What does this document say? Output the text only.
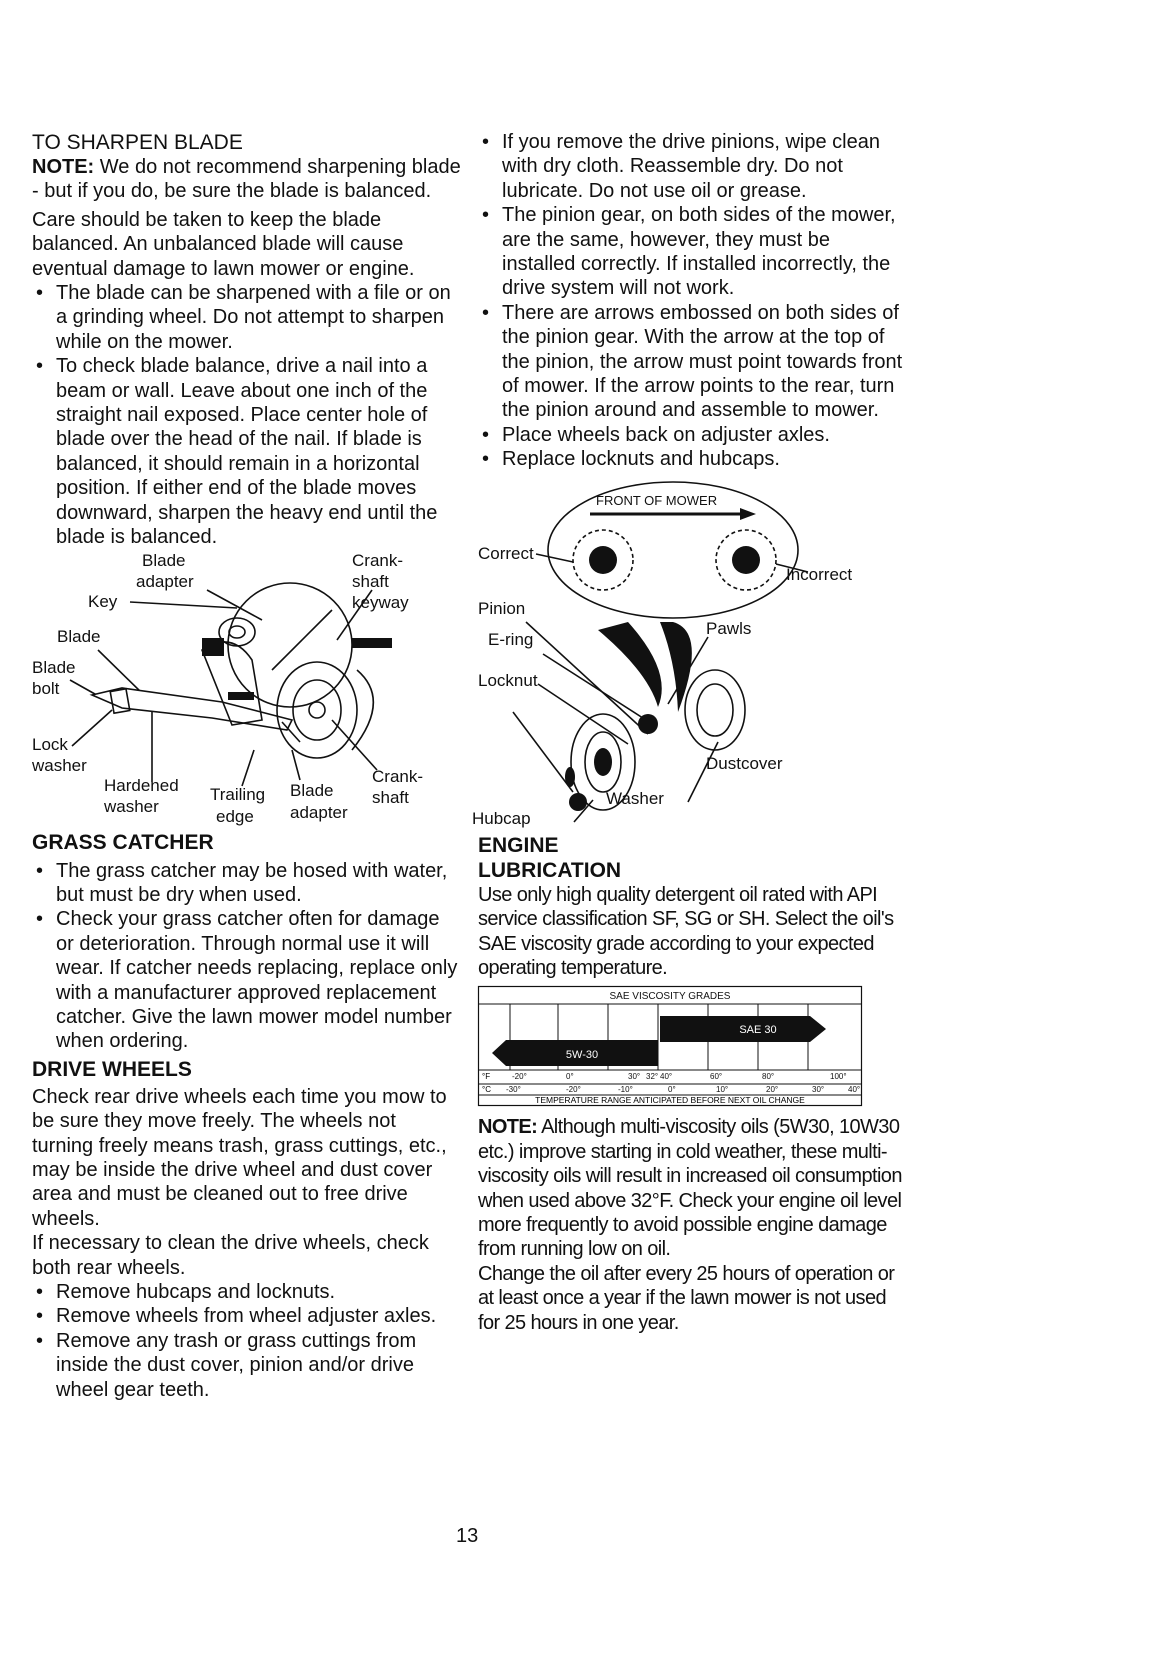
TO SHARPEN BLADE

NOTE: We do not recommend sharpening blade - but if you do, be sure the blade is balanced.

Care should be taken to keep the blade balanced. An unbalanced blade will cause eventual damage to lawn mower or engine.

• The blade can be sharpened with a file or on a grinding wheel. Do not attempt to sharpen while on the mower.
• To check blade balance, drive a nail into a beam or wall. Leave about one inch of the straight nail exposed. Place center hole of blade over the head of the nail. If blade is balanced, it should remain in a horizontal position. If either end of the blade moves downward, sharpen the heavy end until the blade is balanced.
Blade
adapter
Crank-
shaft
keyway
Key
Blade
Blade
bolt
Lock
washer
Hardened
washer
Trailing
edge
Blade
adapter
Crank-
shaft

GRASS CATCHER

• The grass catcher may be hosed with water, but must be dry when used.
• Check your grass catcher often for damage or deterioration. Through normal use it will wear. If catcher needs replacing, replace only with a manufacturer approved replacement catcher. Give the lawn mower model number when ordering.

DRIVE WHEELS

Check rear drive wheels each time you mow to be sure they move freely. The wheels not turning freely means trash, grass cuttings, etc., may be inside the drive wheel and dust cover area and must be cleaned out to free drive wheels.

If necessary to clean the drive wheels, check both rear wheels.

• Remove hubcaps and locknuts.
• Remove wheels from wheel adjuster axles.
• Remove any trash or grass cuttings from inside the dust cover, pinion and/or drive wheel gear teeth.
• If you remove the drive pinions, wipe clean with dry cloth. Reassemble dry. Do not lubricate. Do not use oil or grease.
• The pinion gear, on both sides of the mower, are the same, however, they must be installed correctly. If installed incorrectly, the drive system will not work.
• There are arrows embossed on both sides of the pinion gear. With the arrow at the top of the pinion, the arrow must point towards front of mower. If the arrow points to the rear, turn the pinion around and assemble to mower.
• Place wheels back on adjuster axles.
• Replace locknuts and hubcaps.
FRONT OF MOWER
Correct
Incorrect
Pinion
E-ring
Pawls
Locknut
Dustcover
Washer
Hubcap

ENGINE

LUBRICATION

Use only high quality detergent oil rated with API service classification SF, SG or SH. Select the oil's SAE viscosity grade according to your expected operating temperature.

SAE VISCOSITY GRADES
5W-30
SAE 30
-20°	0°	30° 32° 40°	60°	80°	100°
-30°	-20°	-10°	0°	10°	20°	30°	40°
°F
°C
TEMPERATURE RANGE ANTICIPATED BEFORE NEXT OIL CHANGE

NOTE: Although multi-viscosity oils (5W30, 10W30 etc.) improve starting in cold weather, these multi-viscosity oils will result in increased oil consumption when used above 32°F. Check your engine oil level more frequently to avoid possible engine damage from running low on oil.

Change the oil after every 25 hours of operation or at least once a year if the lawn mower is not used for 25 hours in one year.

13
